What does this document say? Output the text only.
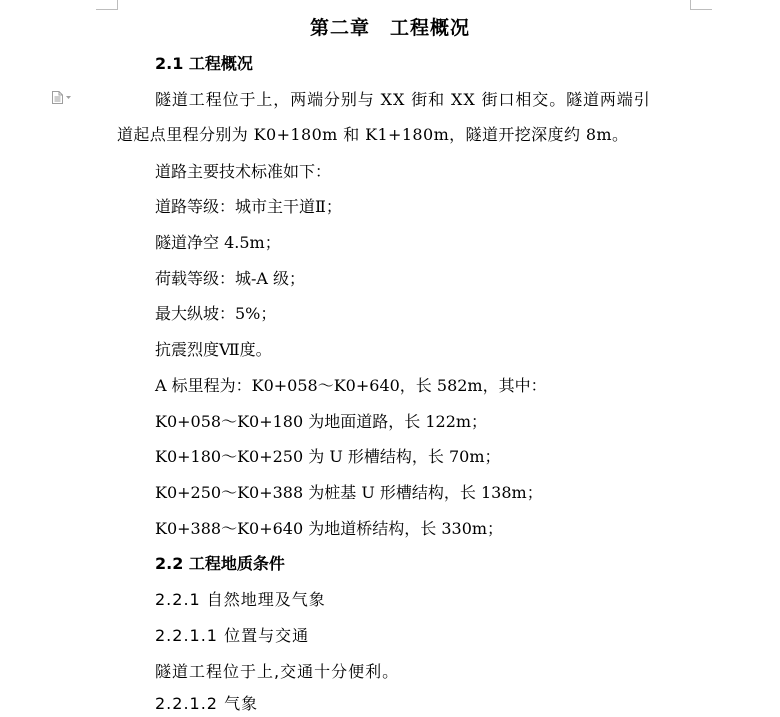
第二章　工程概况
2.1 工程概况
隧道工程位于上，两端分别与 XX 街和 XX 街口相交。隧道两端引
道起点里程分别为 K0+180m 和 K1+180m，隧道开挖深度约 8m。
道路主要技术标准如下：
道路等级：城市主干道Ⅱ；
隧道净空 4.5m；
荷载等级：城-A 级；
最大纵坡：5%；
抗震烈度Ⅶ度。
A 标里程为：K0+058～K0+640，长 582m，其中：
K0+058～K0+180 为地面道路，长 122m；
K0+180～K0+250 为 U 形槽结构，长 70m；
K0+250～K0+388 为桩基 U 形槽结构，长 138m；
K0+388～K0+640 为地道桥结构，长 330m；
2.2 工程地质条件
2.2.1 自然地理及气象
2.2.1.1 位置与交通
隧道工程位于上,交通十分便利。
2.2.1.2 气象
